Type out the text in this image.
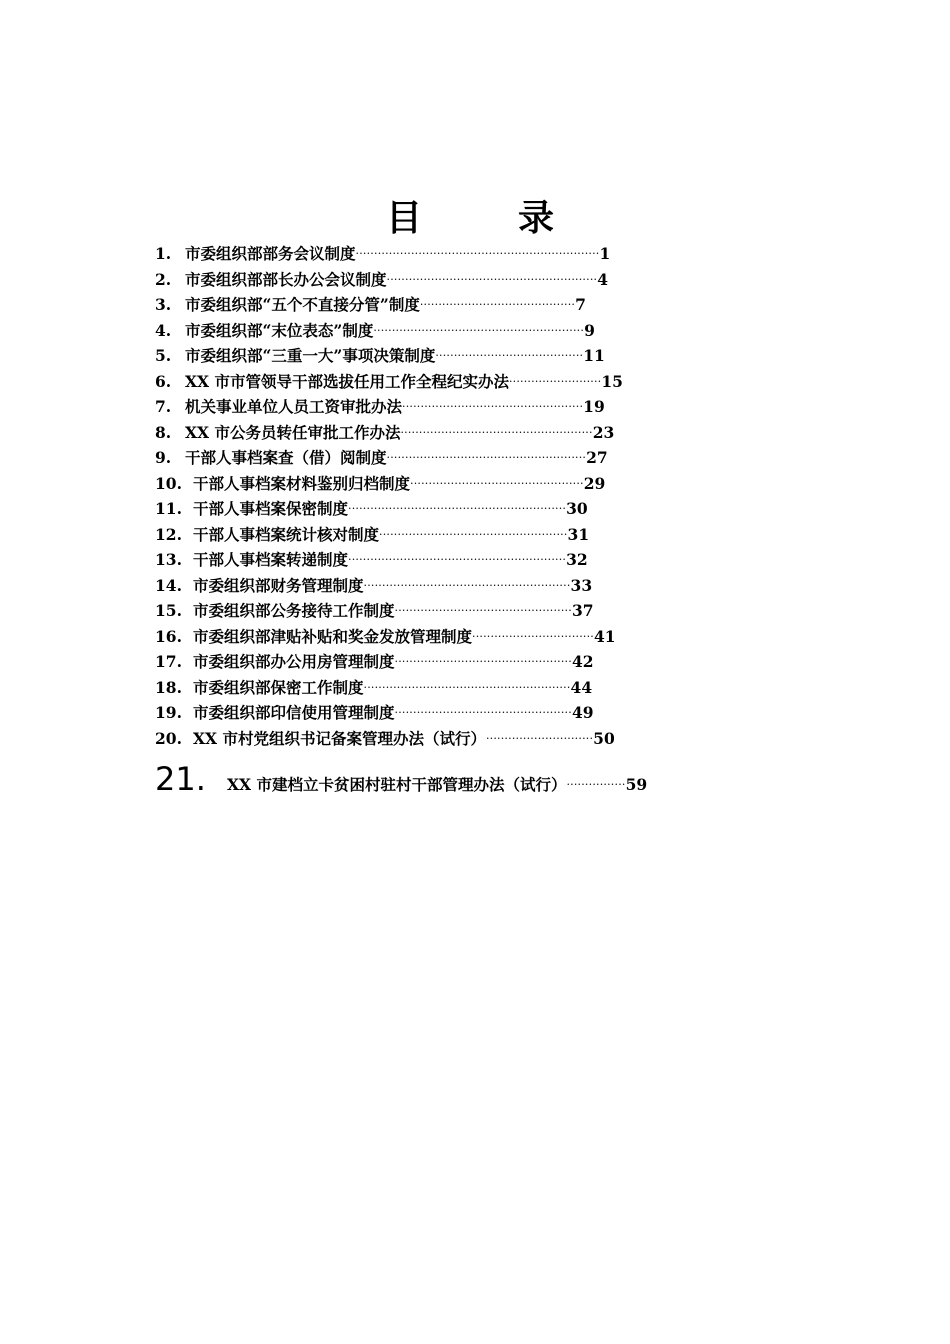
目　录
1. 市委组织部部务会议制度··································································1
2. 市委组织部部长办公会议制度·························································4
3. 市委组织部“五个不直接分管”制度··········································7
4. 市委组织部“末位表态”制度·························································9
5. 市委组织部“三重一大”事项决策制度········································11
6. XX 市市管领导干部选拔任用工作全程纪实办法·························15
7. 机关事业单位人员工资审批办法·················································19
8. XX 市公务员转任审批工作办法····················································23
9. 干部人事档案查（借）阅制度······················································27
10. 干部人事档案材料鉴别归档制度···············································29
11. 干部人事档案保密制度···························································30
12. 干部人事档案统计核对制度···················································31
13. 干部人事档案转递制度···························································32
14. 市委组织部财务管理制度························································33
15. 市委组织部公务接待工作制度················································37
16. 市委组织部津贴补贴和奖金发放管理制度·································41
17. 市委组织部办公用房管理制度················································42
18. 市委组织部保密工作制度························································44
19. 市委组织部印信使用管理制度················································49
20. XX 市村党组织书记备案管理办法（试行）·····························50
21. XX 市建档立卡贫困村驻村干部管理办法（试行）················59
